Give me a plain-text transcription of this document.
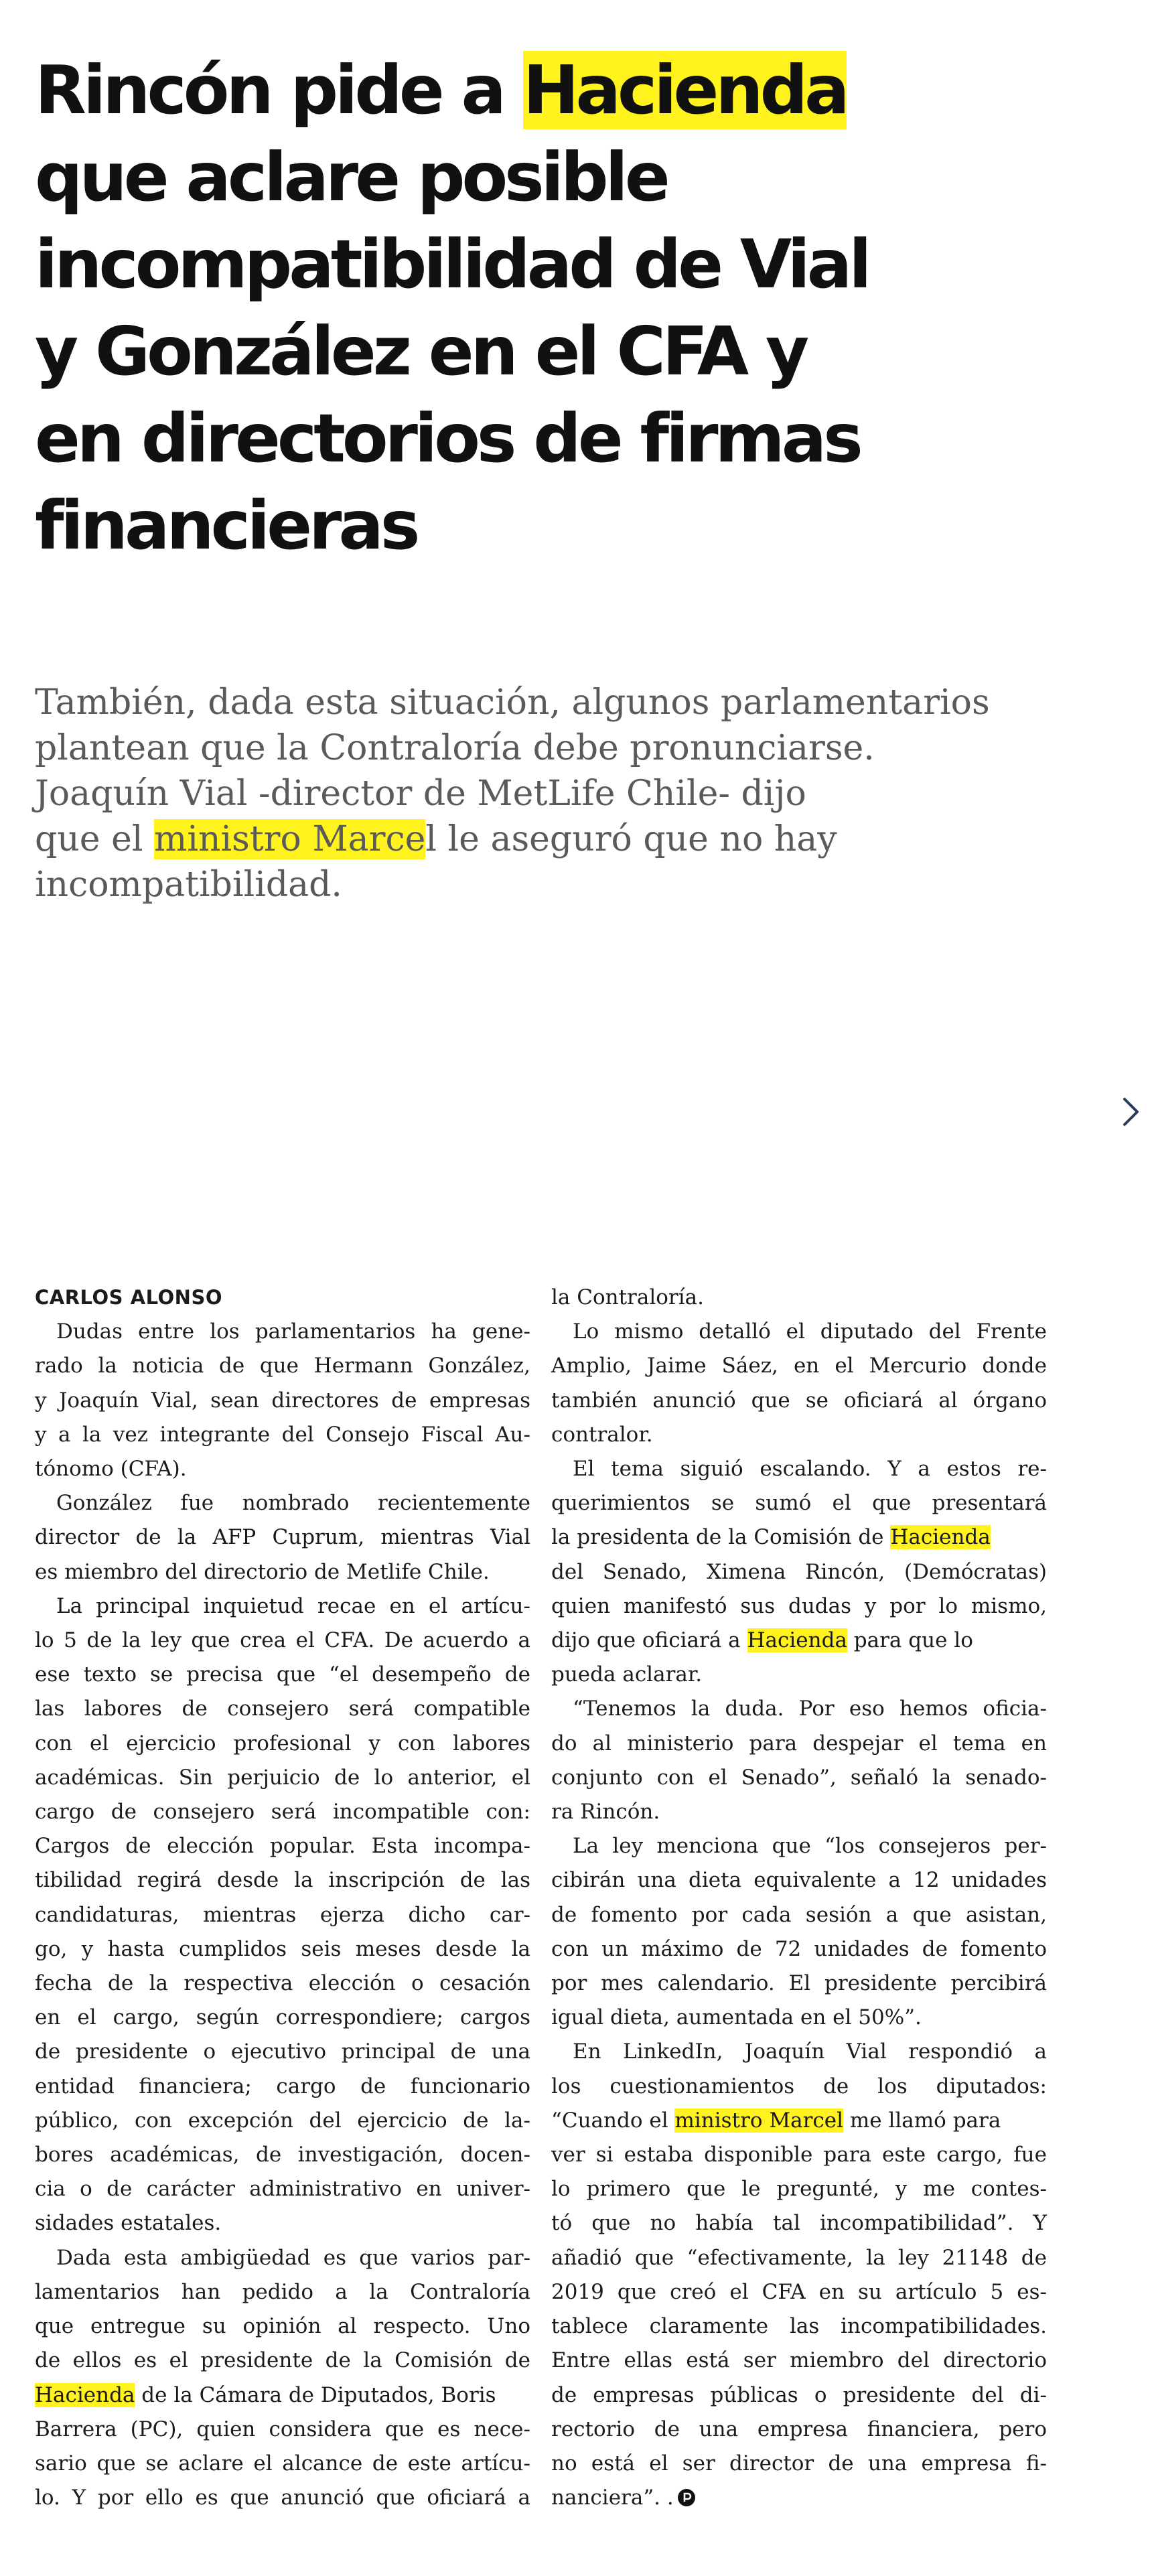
Rincón pide a Hacienda
que aclare posible
incompatibilidad de Vial
y González en el CFA y
en directorios de firmas
financieras

También, dada esta situación, algunos parlamentarios
plantean que la Contraloría debe pronunciarse.
Joaquín Vial -director de MetLife Chile- dijo
que el ministro Marcel le aseguró que no hay
incompatibilidad.

CARLOS ALONSO
Dudas entre los parlamentarios ha gene-
rado la noticia de que Hermann González,
y Joaquín Vial, sean directores de empresas
y a la vez integrante del Consejo Fiscal Au-
tónomo (CFA).
González fue nombrado recientemente
director de la AFP Cuprum, mientras Vial
es miembro del directorio de Metlife Chile.
La principal inquietud recae en el artícu-
lo 5 de la ley que crea el CFA. De acuerdo a
ese texto se precisa que “el desempeño de
las labores de consejero será compatible
con el ejercicio profesional y con labores
académicas. Sin perjuicio de lo anterior, el
cargo de consejero será incompatible con:
Cargos de elección popular. Esta incompa-
tibilidad regirá desde la inscripción de las
candidaturas, mientras ejerza dicho car-
go, y hasta cumplidos seis meses desde la
fecha de la respectiva elección o cesación
en el cargo, según correspondiere; cargos
de presidente o ejecutivo principal de una
entidad financiera; cargo de funcionario
público, con excepción del ejercicio de la-
bores académicas, de investigación, docen-
cia o de carácter administrativo en univer-
sidades estatales.
Dada esta ambigüedad es que varios par-
lamentarios han pedido a la Contraloría
que entregue su opinión al respecto. Uno
de ellos es el presidente de la Comisión de
Hacienda de la Cámara de Diputados, Boris
Barrera (PC), quien considera que es nece-
sario que se aclare el alcance de este artícu-
lo. Y por ello es que anunció que oficiará a
la Contraloría.
Lo mismo detalló el diputado del Frente
Amplio, Jaime Sáez, en el Mercurio donde
también anunció que se oficiará al órgano
contralor.
El tema siguió escalando. Y a estos re-
querimientos se sumó el que presentará
la presidenta de la Comisión de Hacienda
del Senado, Ximena Rincón, (Demócratas)
quien manifestó sus dudas y por lo mismo,
dijo que oficiará a Hacienda para que lo
pueda aclarar.
“Tenemos la duda. Por eso hemos oficia-
do al ministerio para despejar el tema en
conjunto con el Senado”, señaló la senado-
ra Rincón.
La ley menciona que “los consejeros per-
cibirán una dieta equivalente a 12 unidades
de fomento por cada sesión a que asistan,
con un máximo de 72 unidades de fomento
por mes calendario. El presidente percibirá
igual dieta, aumentada en el 50%”.
En LinkedIn, Joaquín Vial respondió a
los cuestionamientos de los diputados:
“Cuando el ministro Marcel me llamó para
ver si estaba disponible para este cargo, fue
lo primero que le pregunté, y me contes-
tó que no había tal incompatibilidad”. Y
añadió que “efectivamente, la ley 21148 de
2019 que creó el CFA en su artículo 5 es-
tablece claramente las incompatibilidades.
Entre ellas está ser miembro del directorio
de empresas públicas o presidente del di-
rectorio de una empresa financiera, pero
no está el ser director de una empresa fi-
nanciera”. .
